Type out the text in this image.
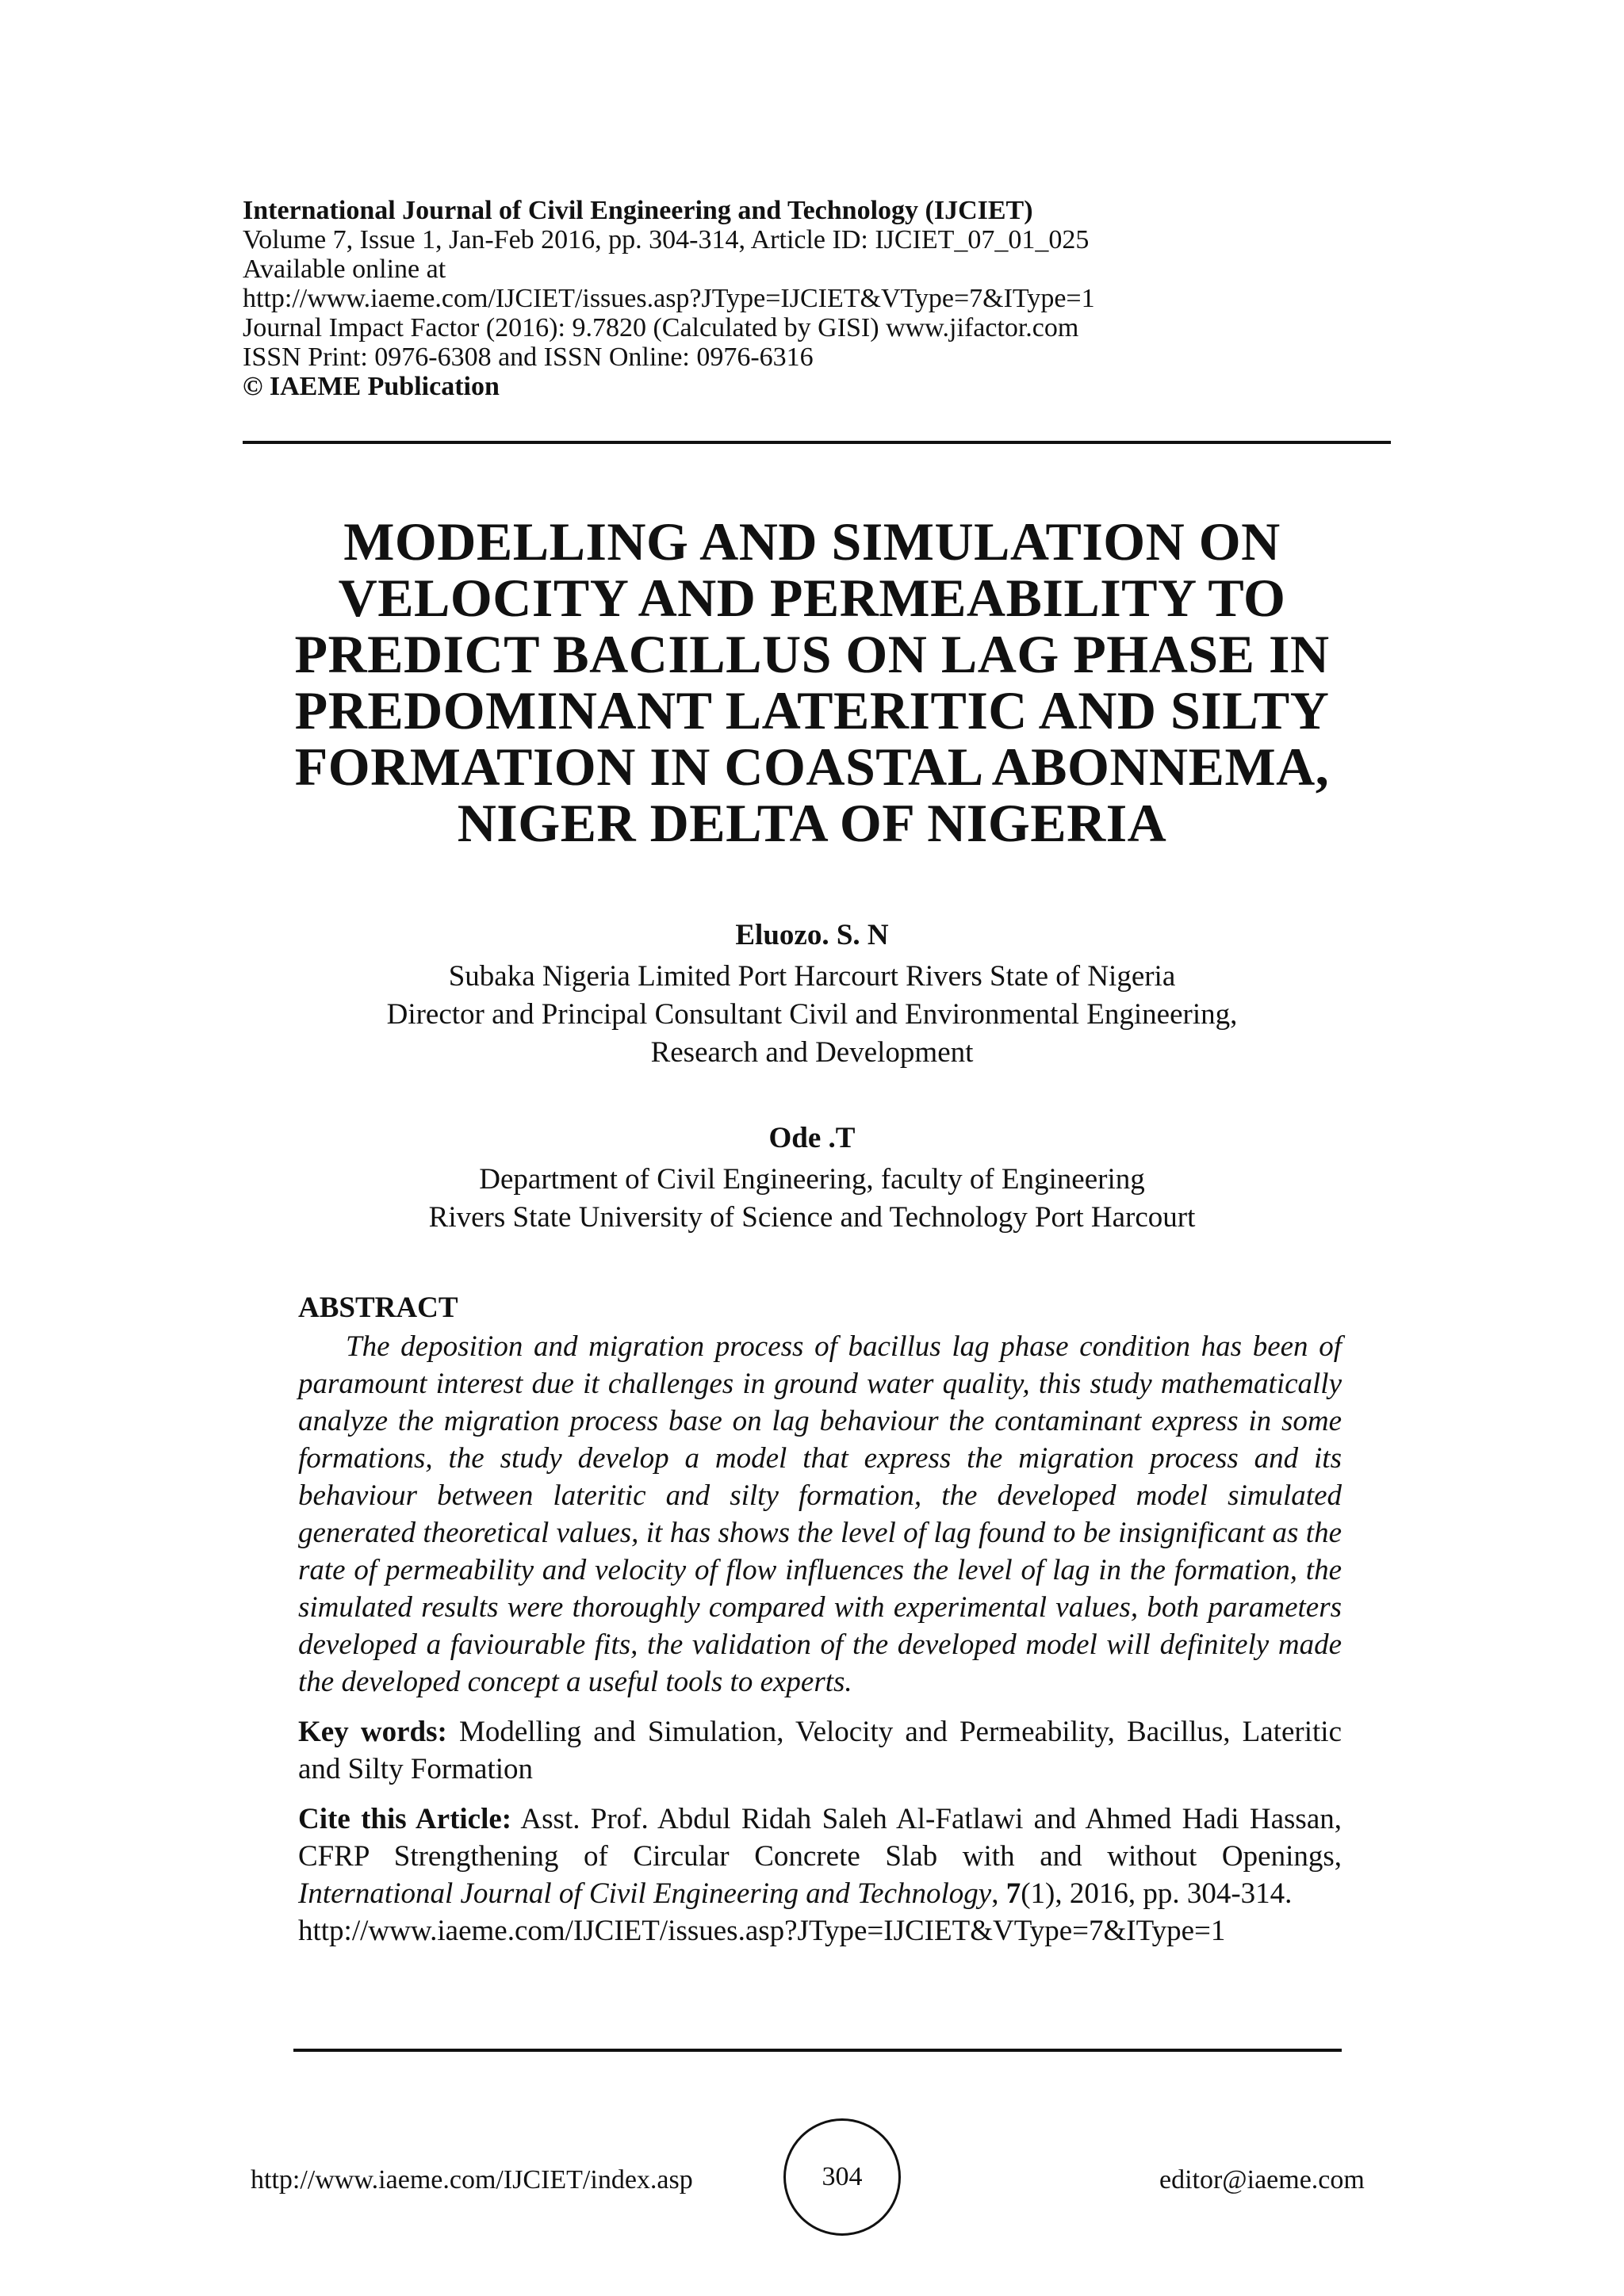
International Journal of Civil Engineering and Technology (IJCIET)
Volume 7, Issue 1, Jan-Feb 2016, pp. 304-314, Article ID: IJCIET_07_01_025
Available online at
http://www.iaeme.com/IJCIET/issues.asp?JType=IJCIET&VType=7&IType=1
Journal Impact Factor (2016): 9.7820 (Calculated by GISI) www.jifactor.com
ISSN Print: 0976-6308 and ISSN Online: 0976-6316
© IAEME Publication
MODELLING AND SIMULATION ON
VELOCITY AND PERMEABILITY TO
PREDICT BACILLUS ON LAG PHASE IN
PREDOMINANT LATERITIC AND SILTY
FORMATION IN COASTAL ABONNEMA,
NIGER DELTA OF NIGERIA
Eluozo. S. N
Subaka Nigeria Limited Port Harcourt Rivers State of Nigeria
Director and Principal Consultant Civil and Environmental Engineering,
Research and Development
Ode .T
Department of Civil Engineering, faculty of Engineering
Rivers State University of Science and Technology Port Harcourt
ABSTRACT

The deposition and migration process of bacillus lag phase condition has been of paramount interest due it challenges in ground water quality, this study mathematically analyze the migration process base on lag behaviour the contaminant express in some formations, the study develop a model that express the migration process and its behaviour between lateritic and silty formation, the developed model simulated generated theoretical values, it has shows the level of lag found to be insignificant as the rate of permeability and velocity of flow influences the level of lag in the formation, the simulated results were thoroughly compared with experimental values, both parameters developed a faviourable fits, the validation of the developed model will definitely made the developed concept a useful tools to experts.

Key words: Modelling and Simulation, Velocity and Permeability, Bacillus, Lateritic and Silty Formation
Cite this Article: Asst. Prof. Abdul Ridah Saleh Al-Fatlawi and Ahmed Hadi Hassan, CFRP Strengthening of Circular Concrete Slab with and without Openings, International Journal of Civil Engineering and Technology, 7(1), 2016, pp. 304-314.
http://www.iaeme.com/IJCIET/issues.asp?JType=IJCIET&VType=7&IType=1
http://www.iaeme.com/IJCIET/index.asp	304	editor@iaeme.com
